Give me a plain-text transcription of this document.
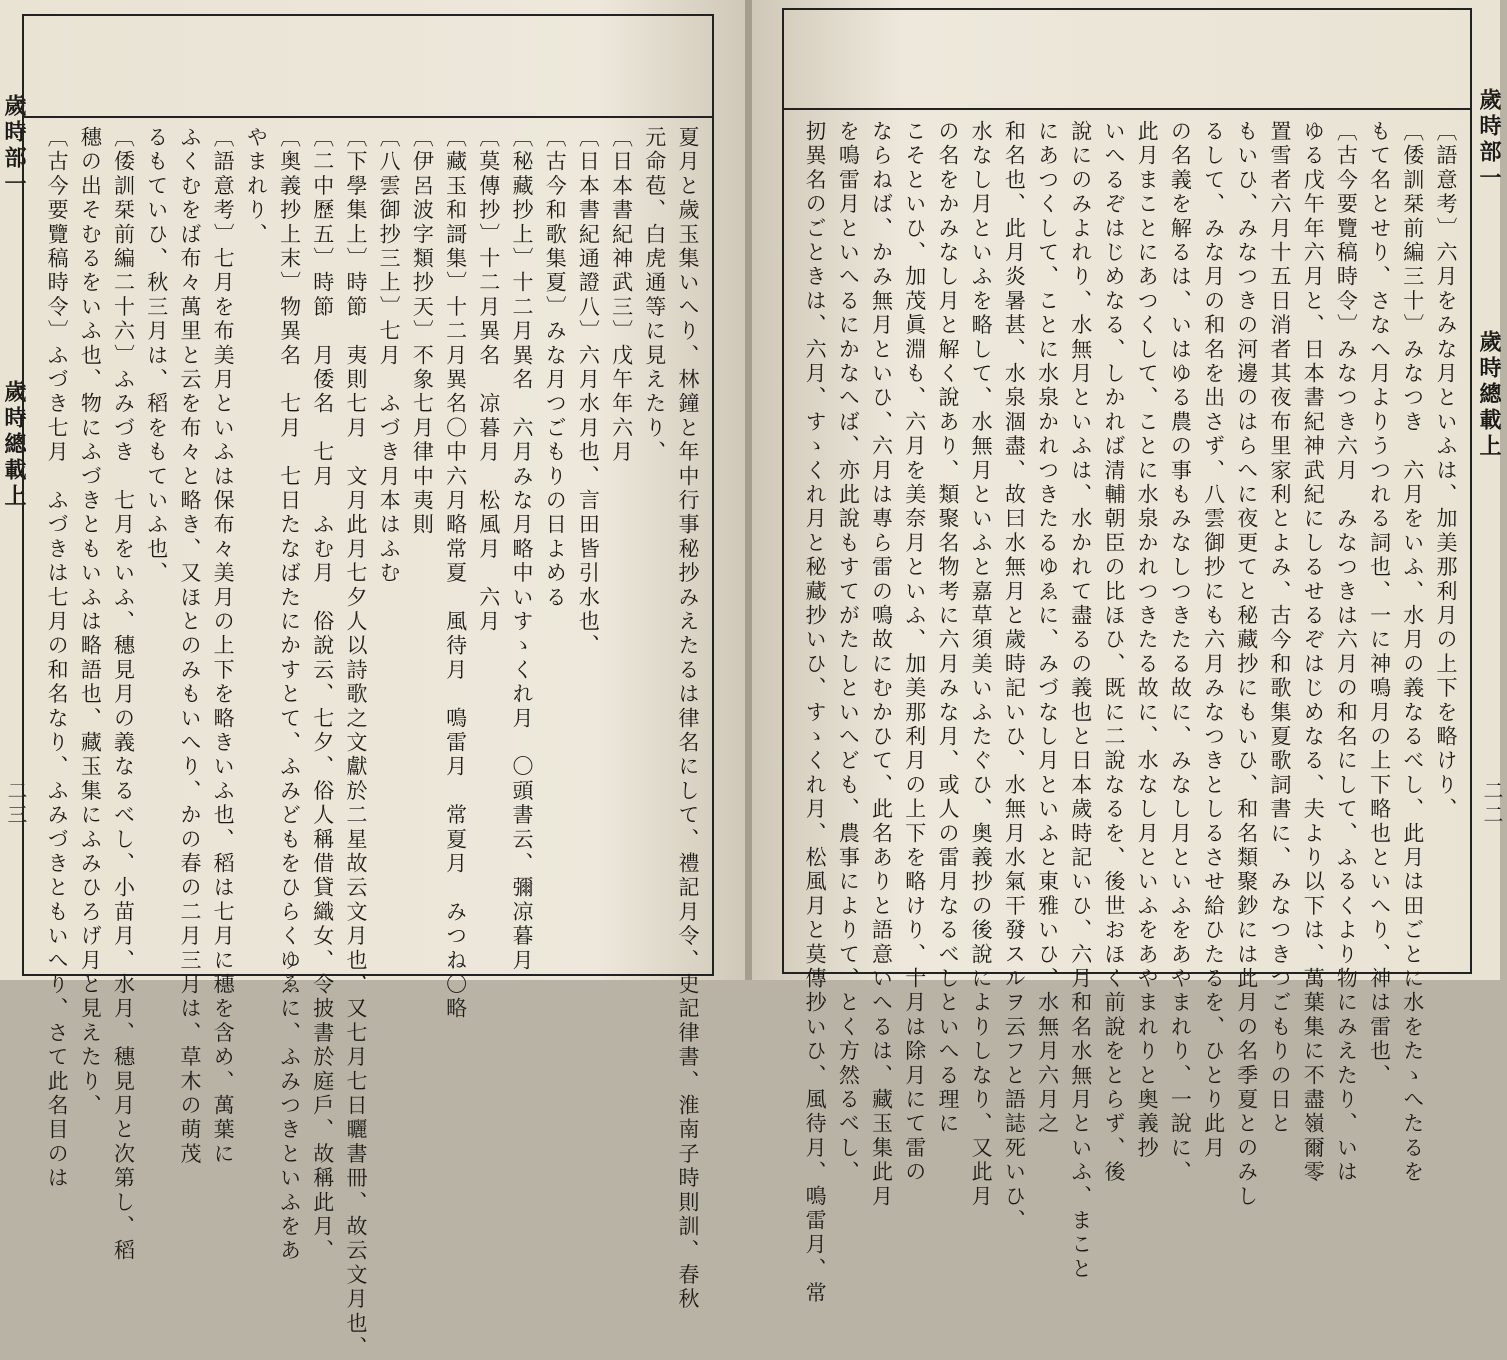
歲時部一
歲時總載上
二三	夏月と歲玉集いへり、林鐘と年中行事秘抄みえたるは律名にして、禮記月令、史記律書、淮南子時則訓、春秋
元命苞、白虎通等に見えたり、
〔日本書紀神武三〕戊午年六月
〔日本書紀通證八〕六月水月也、言田皆引水也、
〔古今和歌集夏〕みな月つごもりの日よめる
〔秘藏抄上〕十二月異名　六月みな月略中いすゝくれ月　〇頭書云、彌凉暮月
〔莫傳抄〕十二月異名　凉暮月　松風月　六月
〔藏玉和謌集〕十二月異名〇中六月略常夏　風待月　鳴雷月　常夏月　みつね〇略
〔伊呂波字類抄天〕不象七月律中夷則
〔八雲御抄三上〕七月　ふづき月本はふむ
〔下學集上〕時節　夷則七月　文月此月七夕人以詩歌之文獻於二星故云文月也、又七月七日曬書冊、故云文月也、
〔二中歷五〕時節　月倭名　七月　ふむ月　俗說云、七夕、俗人稱借貸織女、令披書於庭戶、故稱此月、
〔奥義抄上末〕物異名　七月　七日たなばたにかすとて、ふみどもをひらくゆゑに、ふみつきといふをあ
やまれり、
〔語意考〕七月を布美月といふは保布々美月の上下を略きいふ也、稻は七月に穗を含め、萬葉に
ふくむをば布々萬里と云を布々と略き、又ほとのみもいへり、かの春の二月三月は、草木の萌茂
るもていひ、秋三月は、稻をもていふ也、
〔倭訓栞前編二十六〕ふみづき　七月をいふ、穗見月の義なるべし、小苗月、水月、穗見月と次第し、稻
穗の出そむるをいふ也、物にふづきともいふは略語也、藏玉集にふみひろげ月と見えたり、
〔古今要覽稿時令〕ふづき七月　ふづきは七月の和名なり、ふみづきともいへり、さて此名目のは	〔語意考〕六月をみな月といふは、加美那利月の上下を略けり、
〔倭訓栞前編三十〕みなつき　六月をいふ、水月の義なるべし、此月は田ごとに水をたゝへたるを
もて名とせり、さなへ月よりうつれる詞也、一に神鳴月の上下略也といへり、神は雷也、
〔古今要覽稿時令〕みなつき六月　みなつきは六月の和名にして、ふるくより物にみえたり、いは
ゆる戊午年六月と、日本書紀神武紀にしるせるぞはじめなる、夫より以下は、萬葉集に不盡嶺爾零
置雪者六月十五日消者其夜布里家利とよみ、古今和歌集夏歌詞書に、みなつきつごもりの日と
もいひ、みなつきの河邊のはらへに夜更てと秘藏抄にもいひ、和名類聚鈔には此月の名季夏とのみし
るして、みな月の和名を出さず、八雲御抄にも六月みなつきとしるさせ給ひたるを、ひとり此月
の名義を解るは、いはゆる農の事もみなしつきたる故に、みなし月といふをあやまれり、一說に、
此月まことにあつくして、ことに水泉かれつきたる故に、水なし月といふをあやまれりと奥義抄
いへるぞはじめなる、しかれば清輔朝臣の比ほひ、既に二說なるを、後世おほく前說をとらず、後
說にのみよれり、水無月といふは、水かれて盡るの義也と日本歲時記いひ、六月和名水無月といふ、まこと
にあつくして、ことに水泉かれつきたるゆゑに、みづなし月といふと東雅いひ、水無月六月之
和名也、此月炎暑甚、水泉涸盡、故曰水無月と歲時記いひ、水無月水氣干發スルヲ云フと語誌死いひ、
水なし月といふを略して、水無月といふと嘉草須美いふたぐひ、奥義抄の後說によりしなり、又此月
の名をかみなし月と解く說あり、類聚名物考に六月みな月、或人の雷月なるべしといへる理に
こそといひ、加茂眞淵も、六月を美奈月といふ、加美那利月の上下を略けり、十月は除月にて雷の
ならねば、かみ無月といひ、六月は專ら雷の鳴故にむかひて、此名ありと語意いへるは、藏玉集此月
を鳴雷月といへるにかなへば、亦此說もすてがたしといへども、農事によりて、とく方然るべし、
扨異名のごときは、六月、すゝくれ月と秘藏抄いひ、すゝくれ月、松風月と莫傳抄いひ、風待月、鳴雷月、常	歲時部一
歲時總載上
二二
